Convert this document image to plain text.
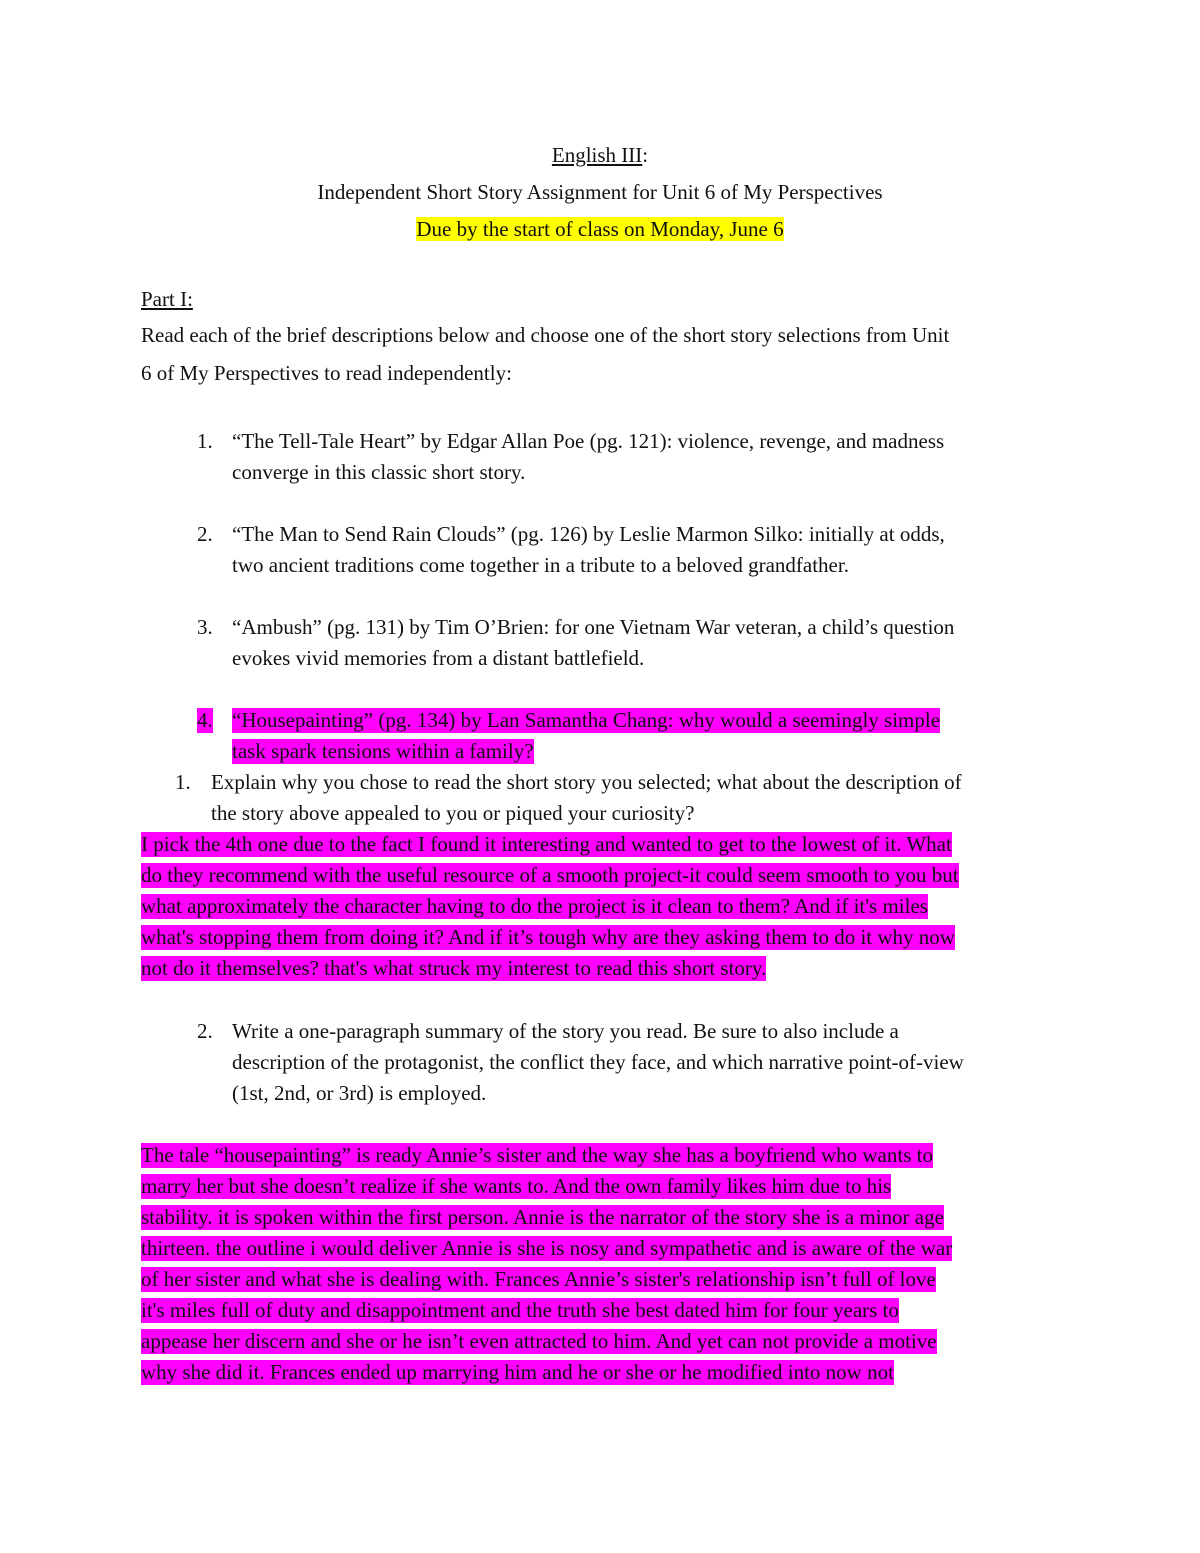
English III:
Independent Short Story Assignment for Unit 6 of My Perspectives
Due by the start of class on Monday, June 6
Part I:
Read each of the brief descriptions below and choose one of the short story selections from Unit
6 of My Perspectives to read independently:
1. “The Tell-Tale Heart” by Edgar Allan Poe (pg. 121): violence, revenge, and madness
converge in this classic short story.
2. “The Man to Send Rain Clouds” (pg. 126) by Leslie Marmon Silko: initially at odds,
two ancient traditions come together in a tribute to a beloved grandfather.
3. “Ambush” (pg. 131) by Tim O’Brien: for one Vietnam War veteran, a child’s question
evokes vivid memories from a distant battlefield.
4. “Housepainting” (pg. 134) by Lan Samantha Chang: why would a seemingly simple
task spark tensions within a family?
1. Explain why you chose to read the short story you selected; what about the description of
the story above appealed to you or piqued your curiosity?
I pick the 4th one due to the fact I found it interesting and wanted to get to the lowest of it. What
do they recommend with the useful resource of a smooth project-it could seem smooth to you but
what approximately the character having to do the project is it clean to them? And if it's miles
what's stopping them from doing it? And if it’s tough why are they asking them to do it why now
not do it themselves? that's what struck my interest to read this short story.
2. Write a one-paragraph summary of the story you read. Be sure to also include a
description of the protagonist, the conflict they face, and which narrative point-of-view
(1st, 2nd, or 3rd) is employed.
The tale “housepainting” is ready Annie’s sister and the way she has a boyfriend who wants to
marry her but she doesn’t realize if she wants to. And the own family likes him due to his
stability. it is spoken within the first person. Annie is the narrator of the story she is a minor age
thirteen. the outline i would deliver Annie is she is nosy and sympathetic and is aware of the war
of her sister and what she is dealing with. Frances Annie’s sister's relationship isn’t full of love
it's miles full of duty and disappointment and the truth she best dated him for four years to
appease her discern and she or he isn’t even attracted to him. And yet can not provide a motive
why she did it. Frances ended up marrying him and he or she or he modified into now not
